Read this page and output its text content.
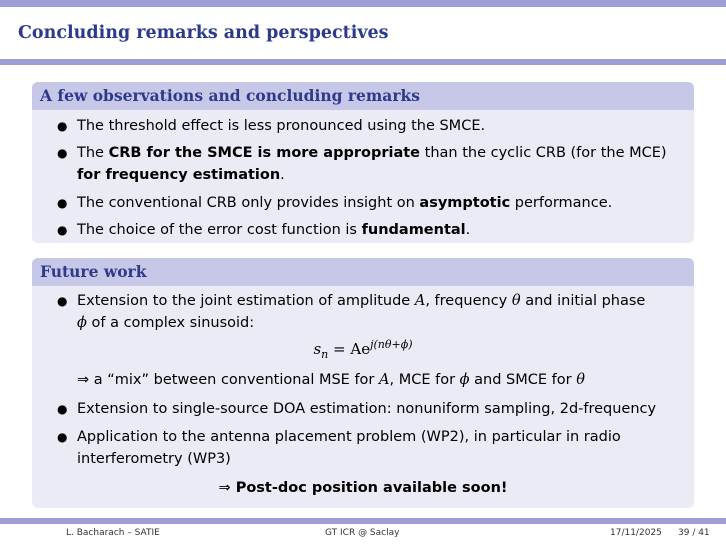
Concluding remarks and perspectives
A few observations and concluding remarks
● The threshold effect is less pronounced using the SMCE.
● The CRB for the SMCE is more appropriate than the cyclic CRB (for the MCE) for frequency estimation.
● The conventional CRB only provides insight on asymptotic performance.
● The choice of the error cost function is fundamental.
Future work
● Extension to the joint estimation of amplitude A, frequency θ and initial phase
ϕ of a complex sinusoid:
$s_n = Ae^{j(n\theta+\phi)}$
⇒ a “mix” between conventional MSE for A, MCE for ϕ and SMCE for θ
● Extension to single-source DOA estimation: nonuniform sampling, 2d-frequency
● Application to the antenna placement problem (WP2), in particular in radio interferometry (WP3)
⇒ Post-doc position available soon!
L. Bacharach – SATIE	GT ICR @ Saclay	17/11/2025 39 / 41
